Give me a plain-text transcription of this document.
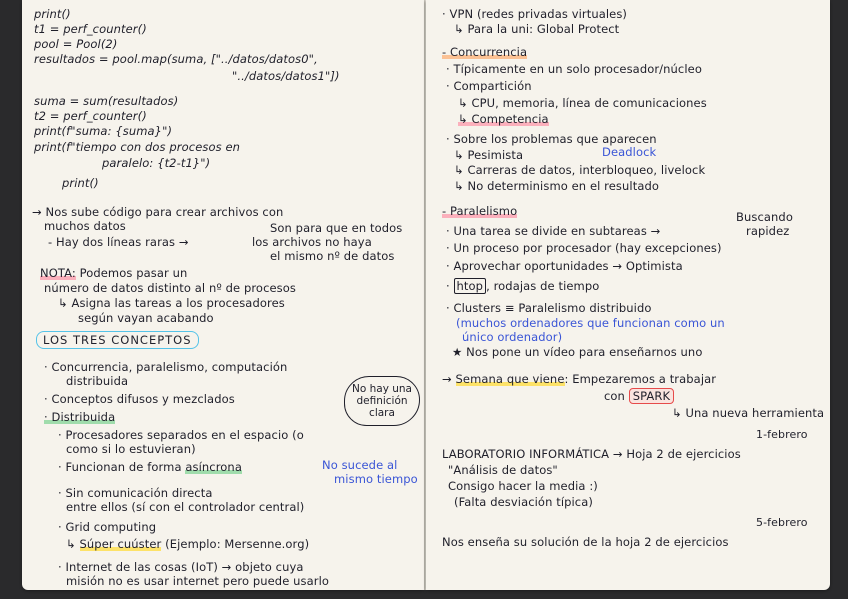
print()
t1 = perf_counter()
pool = Pool(2)
resultados = pool.map(suma, ["../datos/datos0",
"../datos/datos1"])
suma = sum(resultados)
t2 = perf_counter()
print(f"suma: {suma}")
print(f"tiempo con dos procesos en
paralelo: {t2-t1}")
print()
→ Nos sube código para crear archivos con
muchos datos	Son para que en todos
- Hay dos líneas raras →	los archivos no haya
el mismo nº de datos
NOTA: Podemos pasar un
número de datos distinto al nº de procesos
↳ Asigna las tareas a los procesadores
según vayan acabando
LOS TRES CONCEPTOS
· Concurrencia, paralelismo, computación
distribuida
· Conceptos difusos y mezclados
· Distribuida
· Procesadores separados en el espacio (o
como si lo estuvieran)
· Funcionan de forma asíncrona	No sucede al
mismo tiempo
· Sin comunicación directa
entre ellos (sí con el controlador central)
· Grid computing
↳ Súper cuúster (Ejemplo: Mersenne.org)
· Internet de las cosas (IoT) → objeto cuya
misión no es usar internet pero puede usarlo
No hay una
definición
clara
· VPN (redes privadas virtuales)
↳ Para la uni: Global Protect
- Concurrencia
· Típicamente en un solo procesador/núcleo
· Compartición
↳ CPU, memoria, línea de comunicaciones
↳ Competencia
· Sobre los problemas que aparecen
↳ Pesimista	Deadlock
↳ Carreras de datos, interbloqueo, livelock
↳ No determinismo en el resultado
- Paralelismo	Buscando
· Una tarea se divide en subtareas →	rapidez
· Un proceso por procesador (hay excepciones)
· Aprovechar oportunidades → Optimista
· htop , rodajas de tiempo
· Clusters ≡ Paralelismo distribuido
(muchos ordenadores que funcionan como un
único ordenador)
★ Nos pone un vídeo para enseñarnos uno
→ Semana que viene: Empezaremos a trabajar
con SPARK
↳ Una nueva herramienta
1-febrero
LABORATORIO INFORMÁTICA → Hoja 2 de ejercicios
"Análisis de datos"
Consigo hacer la media :)
(Falta desviación típica)
5-febrero
Nos enseña su solución de la hoja 2 de ejercicios
